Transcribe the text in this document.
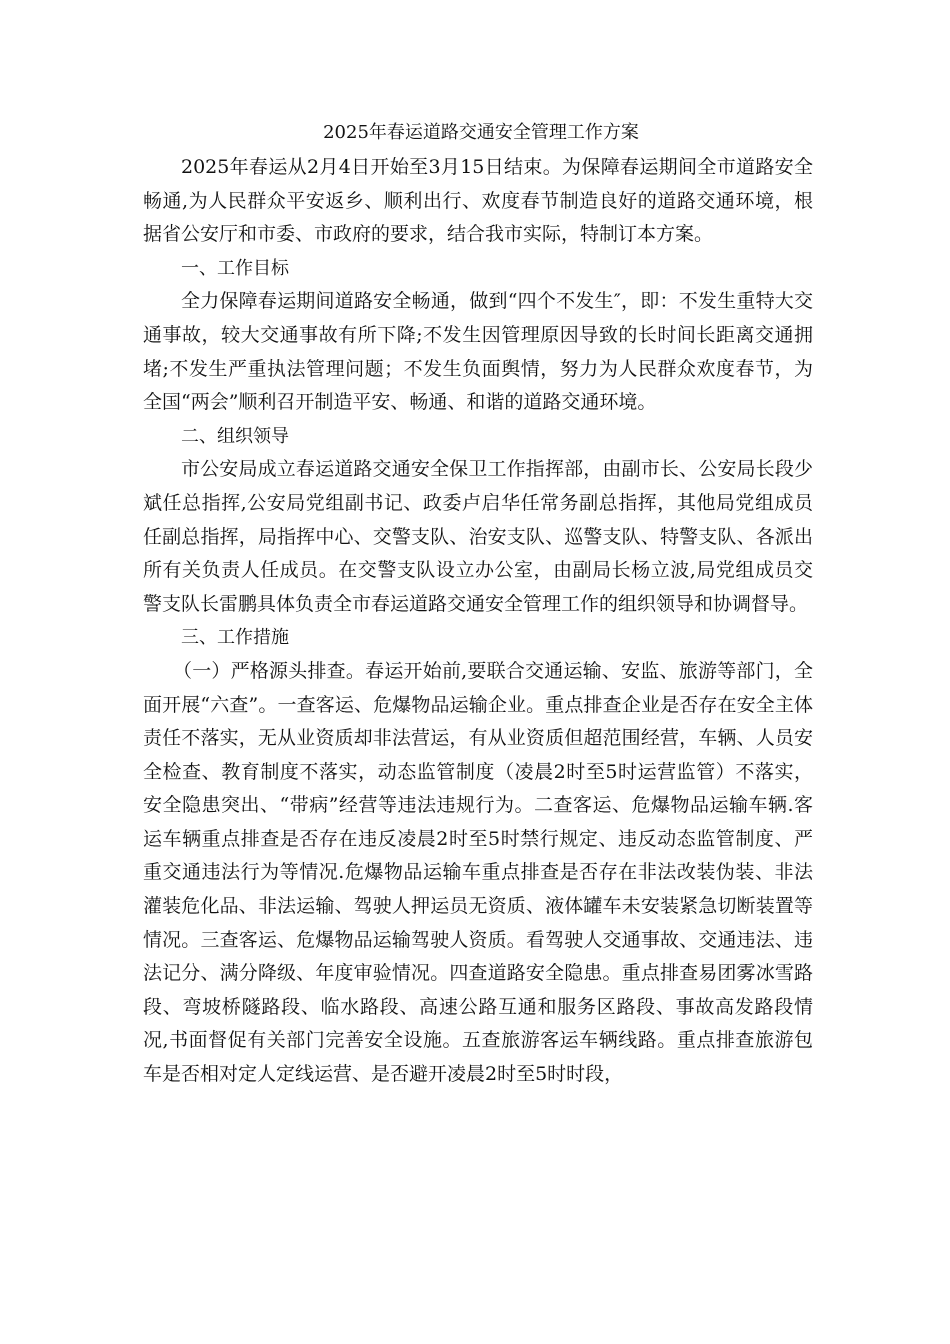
2025年春运道路交通安全管理工作方案

2025年春运从2月4日开始至3月15日结束。为保障春运期间全市道路安全畅通,为人民群众平安返乡、顺利出行、欢度春节制造良好的道路交通环境，根据省公安厅和市委、市政府的要求，结合我市实际，特制订本方案。

一、工作目标

全力保障春运期间道路安全畅通，做到“四个不发生″，即：不发生重特大交通事故，较大交通事故有所下降;不发生因管理原因导致的长时间长距离交通拥堵;不发生严重执法管理问题；不发生负面舆情，努力为人民群众欢度春节，为全国“两会”顺利召开制造平安、畅通、和谐的道路交通环境。

二、组织领导

市公安局成立春运道路交通安全保卫工作指挥部，由副市长、公安局长段少斌任总指挥,公安局党组副书记、政委卢启华任常务副总指挥，其他局党组成员任副总指挥，局指挥中心、交警支队、治安支队、巡警支队、特警支队、各派出所有关负责人任成员。在交警支队设立办公室，由副局长杨立波,局党组成员交警支队长雷鹏具体负责全市春运道路交通安全管理工作的组织领导和协调督导。

三、工作措施

（一）严格源头排查。春运开始前,要联合交通运输、安监、旅游等部门，全面开展“六查”。一查客运、危爆物品运输企业。重点排查企业是否存在安全主体责任不落实，无从业资质却非法营运，有从业资质但超范围经营，车辆、人员安全检查、教育制度不落实，动态监管制度（凌晨2时至5时运营监管）不落实，安全隐患突出、“带病”经营等违法违规行为。二查客运、危爆物品运输车辆.客运车辆重点排查是否存在违反凌晨2时至5时禁行规定、违反动态监管制度、严重交通违法行为等情况.危爆物品运输车重点排查是否存在非法改装伪装、非法灌装危化品、非法运输、驾驶人押运员无资质、液体罐车未安装紧急切断装置等情况。三查客运、危爆物品运输驾驶人资质。看驾驶人交通事故、交通违法、违法记分、满分降级、年度审验情况。四查道路安全隐患。重点排查易团雾冰雪路段、弯坡桥隧路段、临水路段、高速公路互通和服务区路段、事故高发路段情况,书面督促有关部门完善安全设施。五查旅游客运车辆线路。重点排查旅游包车是否相对定人定线运营、是否避开凌晨2时至5时时段，
